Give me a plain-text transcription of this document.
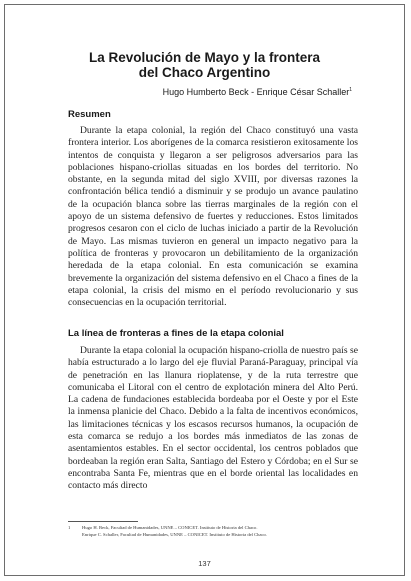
La Revolución de Mayo y la frontera
del Chaco Argentino
Hugo Humberto Beck - Enrique César Schaller$^1$
Resumen

Durante la etapa colonial, la región del Chaco constituyó una vasta frontera interior. Los aborígenes de la comarca resistieron exitosamente los intentos de conquista y llegaron a ser peligrosos adversarios para las poblaciones hispano-criollas situadas en los bordes del territorio. No obstante, en la segunda mitad del siglo XVIII, por diversas razones la confrontación bélica tendió a disminuir y se produjo un avance paulatino de la ocupación blanca sobre las tierras marginales de la región con el apoyo de un sistema defensivo de fuertes y reducciones. Estos limitados progresos cesaron con el ciclo de luchas iniciado a partir de la Revolución de Mayo. Las mismas tuvieron en general un impacto negativo para la política de fronteras y provocaron un debilitamiento de la organización heredada de la etapa colonial. En esta comunicación se examina brevemente la organización del sistema defensivo en el Chaco a fines de la etapa colonial, la crisis del mismo en el período revolucionario y sus consecuencias en la ocupación territorial.

La línea de fronteras a fines de la etapa colonial

Durante la etapa colonial la ocupación hispano-criolla de nuestro país se había estructurado a lo largo del eje fluvial Paraná-Paraguay, principal vía de penetración en las llanura rioplatense, y de la ruta terrestre que comunicaba el Litoral con el centro de explotación minera del Alto Perú. La cadena de fundaciones establecida bordeaba por el Oeste y por el Este la inmensa planicie del Chaco. Debido a la falta de incentivos económicos, las limitaciones técnicas y los escasos recursos humanos, la ocupación de esta comarca se redujo a los bordes más inmediatos de las zonas de asentamientos estables. En el sector occidental, los centros poblados que bordeaban la región eran Salta, Santiago del Estero y Córdoba; en el Sur se encontraba Santa Fe, mientras que en el borde oriental las localidades en contacto más directo

1	Hugo H. Beck, Facultad de Humanidades, UNNE – CONICET. Instituto de Historia del Chaco.
Enrique C. Schaller, Facultad de Humanidades, UNNE – CONICET. Instituto de Historia del Chaco.
137
